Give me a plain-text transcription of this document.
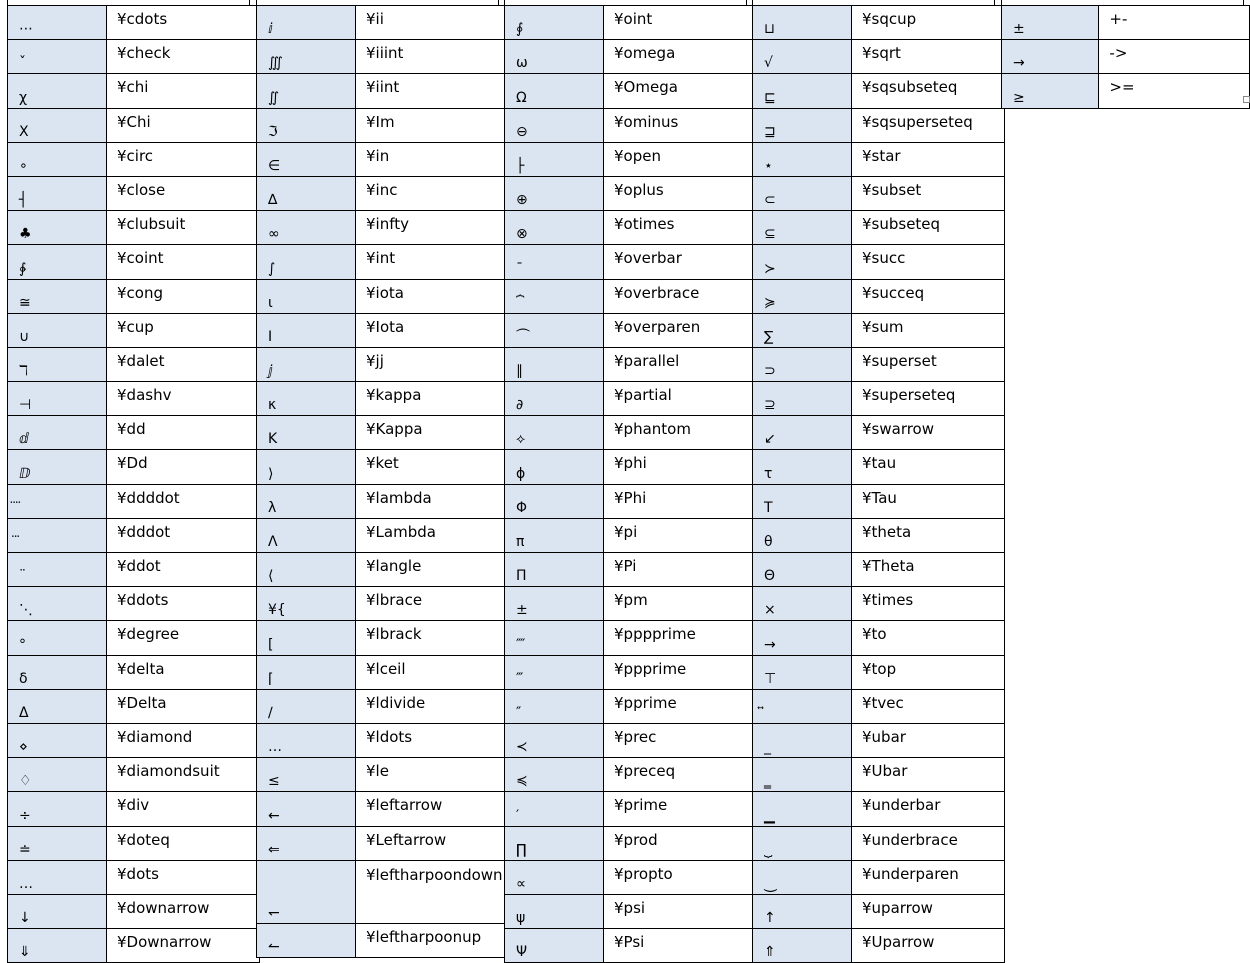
⋯	¥cdots
ˇ	¥check
χ	¥chi
Χ	¥Chi
∘	¥circ
┤	¥close
♣	¥clubsuit
∲	¥coint
≅	¥cong
∪	¥cup
ℸ	¥dalet
⊣	¥dashv
ⅆ	¥dd
ⅅ	¥Dd
	¥ddddot
	¥dddot
¨	¥ddot
⋱	¥ddots
°	¥degree
δ	¥delta
Δ	¥Delta
⋄	¥diamond
♢	¥diamondsuit
÷	¥div
≐	¥doteq
…	¥dots
↓	¥downarrow
⇓	¥Downarrow
ⅈ	¥ii
∭	¥iiint
∬	¥iint
ℑ	¥Im
∈	¥in
∆	¥inc
∞	¥infty
∫	¥int
ι	¥iota
Ι	¥Iota
ⅉ	¥jj
κ	¥kappa
Κ	¥Kappa
⟩	¥ket
λ	¥lambda
Λ	¥Lambda
⟨	¥langle
¥{	¥lbrace
[	¥lbrack
⌈	¥lceil
∕	¥ldivide
…	¥ldots
≤	¥le
←	¥leftarrow
⇐	¥Leftarrow
↽	¥leftharpoondown
↼	¥leftharpoonup
∮	¥oint
ω	¥omega
Ω	¥Omega
⊖	¥ominus
├	¥open
⊕	¥oplus
⊗	¥otimes
¯	¥overbar
⏞	¥overbrace
⏜	¥overparen
∥	¥parallel
∂	¥partial
⟡	¥phantom
ϕ	¥phi
Φ	¥Phi
π	¥pi
Π	¥Pi
±	¥pm
⁗	¥pppprime
‴	¥ppprime
″	¥pprime
≺	¥prec
≼	¥preceq
′	¥prime
∏	¥prod
∝	¥propto
ψ	¥psi
Ψ	¥Psi
⊔	¥sqcup
√	¥sqrt
⊑	¥sqsubseteq
⊒	¥sqsuperseteq
⋆	¥star
⊂	¥subset
⊆	¥subseteq
≻	¥succ
≽	¥succeq
∑	¥sum
⊃	¥superset
⊇	¥superseteq
↙	¥swarrow
τ	¥tau
Τ	¥Tau
θ	¥theta
Θ	¥Theta
×	¥times
→	¥to
⊤	¥top
	¥tvec
_	¥ubar
‗	¥Ubar
▁	¥underbar
⏟	¥underbrace
⏝	¥underparen
↑	¥uparrow
⇑	¥Uparrow
±	+-
→	->
≥	>=
